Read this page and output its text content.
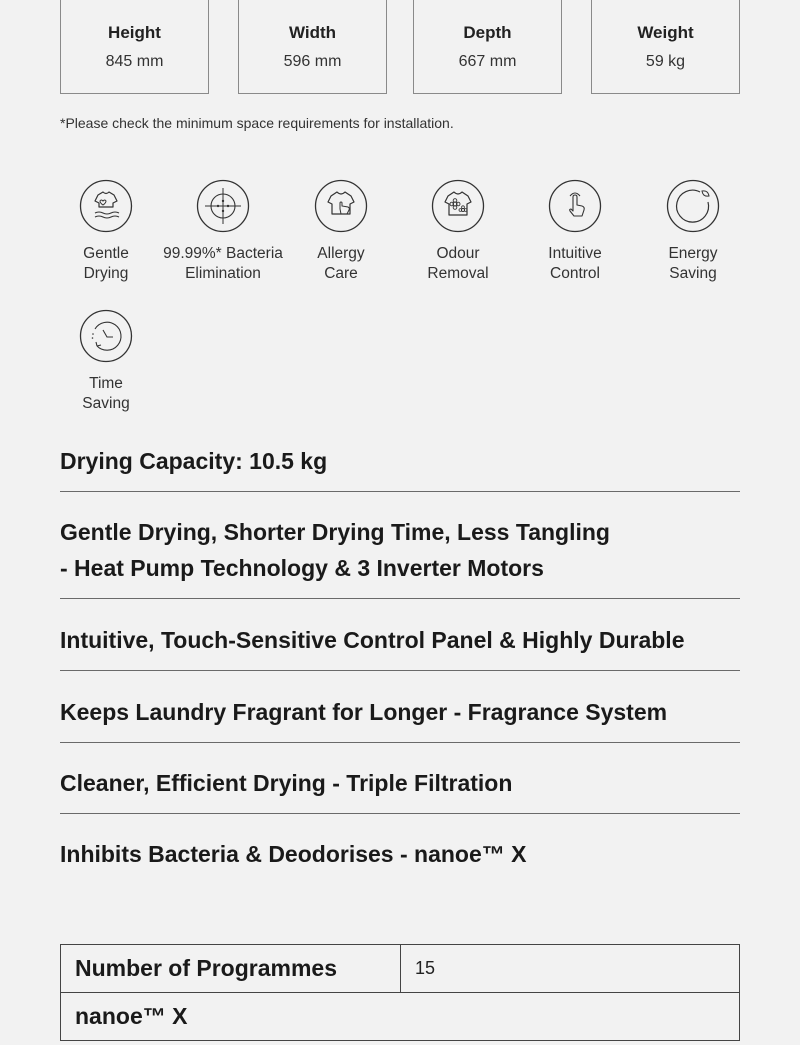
Height
845 mm
Width
596 mm
Depth
667 mm
Weight
59 kg
*Please check the minimum space requirements for installation.
Gentle
Drying
99.99%* Bacteria
Elimination
Allergy
Care
Odour
Removal
Intuitive
Control
Energy
Saving
Time
Saving
Drying Capacity: 10.5 kg
Gentle Drying, Shorter Drying Time, Less Tangling
- Heat Pump Technology & 3 Inverter Motors
Intuitive, Touch-Sensitive Control Panel & Highly Durable
Keeps Laundry Fragrant for Longer - Fragrance System
Cleaner, Efficient Drying - Triple Filtration
Inhibits Bacteria & Deodorises - nanoe™ X
Number of Programmes	15
nanoe™ X
